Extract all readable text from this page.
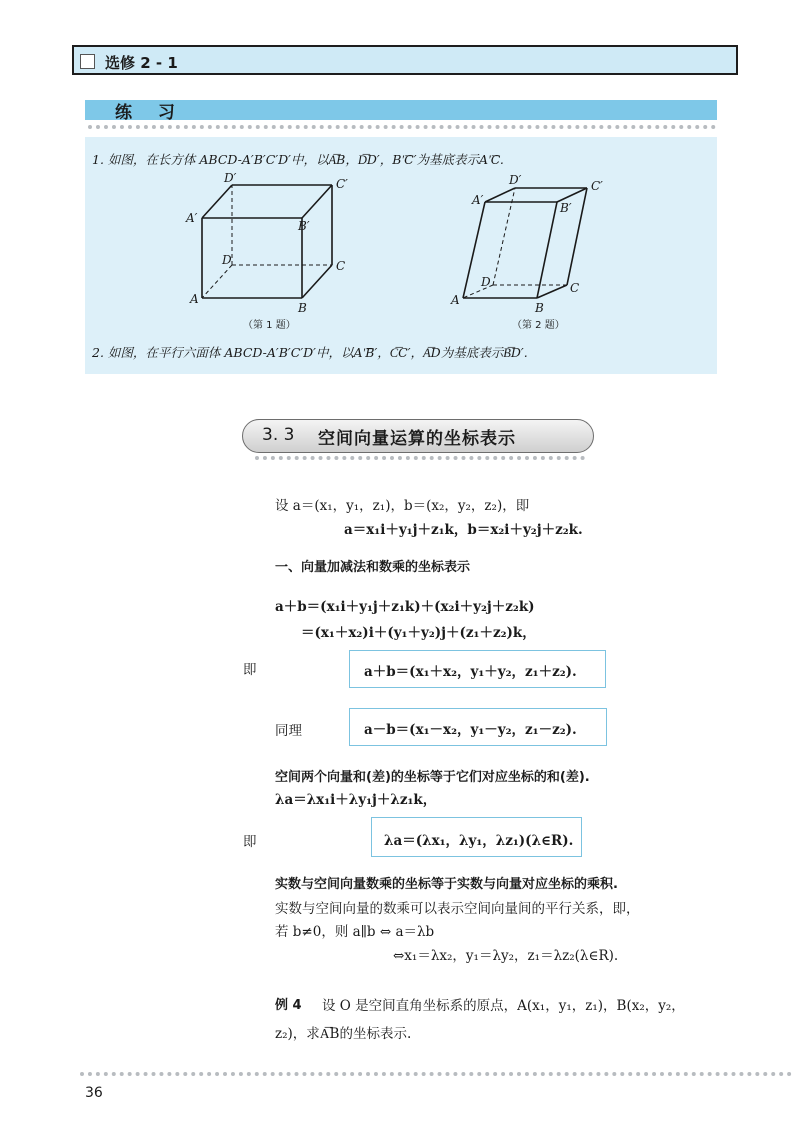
选修 2 - 1
练 习
1. 如图，在长方体 ABCD-A′B′C′D′中，以A͞B，D͞D′，B′͞C′为基底表示A′͞C.
A
B
C
D
A′
B′
C′
D′
（第 1 题）
A
B
C
D
A′
B′
C′
D′
（第 2 题）
2. 如图，在平行六面体 ABCD-A′B′C′D′中，以A′͞B′，C͞C′，A͞D为基底表示B͞D′.
3. 3 空间向量运算的坐标表示
设 a＝(x₁，y₁，z₁)，b＝(x₂，y₂，z₂)，即
a＝x₁i＋y₁j＋z₁k，b＝x₂i＋y₂j＋z₂k.
一、向量加减法和数乘的坐标表示
a＋b＝(x₁i＋y₁j＋z₁k)＋(x₂i＋y₂j＋z₂k)
＝(x₁＋x₂)i＋(y₁＋y₂)j＋(z₁＋z₂)k，
即	a＋b＝(x₁＋x₂，y₁＋y₂，z₁＋z₂).
同理	a－b＝(x₁－x₂，y₁－y₂，z₁－z₂).
空间两个向量和(差)的坐标等于它们对应坐标的和(差).
λa＝λx₁i＋λy₁j＋λz₁k，
即	λa＝(λx₁，λy₁，λz₁)(λ∈R).
实数与空间向量数乘的坐标等于实数与向量对应坐标的乘积.
实数与空间向量的数乘可以表示空间向量间的平行关系，即，
若 b≠0，则 a∥b ⇔ a＝λb
⇔x₁＝λx₂，y₁＝λy₂，z₁＝λz₂(λ∈R).
例 4 设 O 是空间直角坐标系的原点，A(x₁，y₁，z₁)，B(x₂，y₂，
z₂)，求A͞B的坐标表示.
36
